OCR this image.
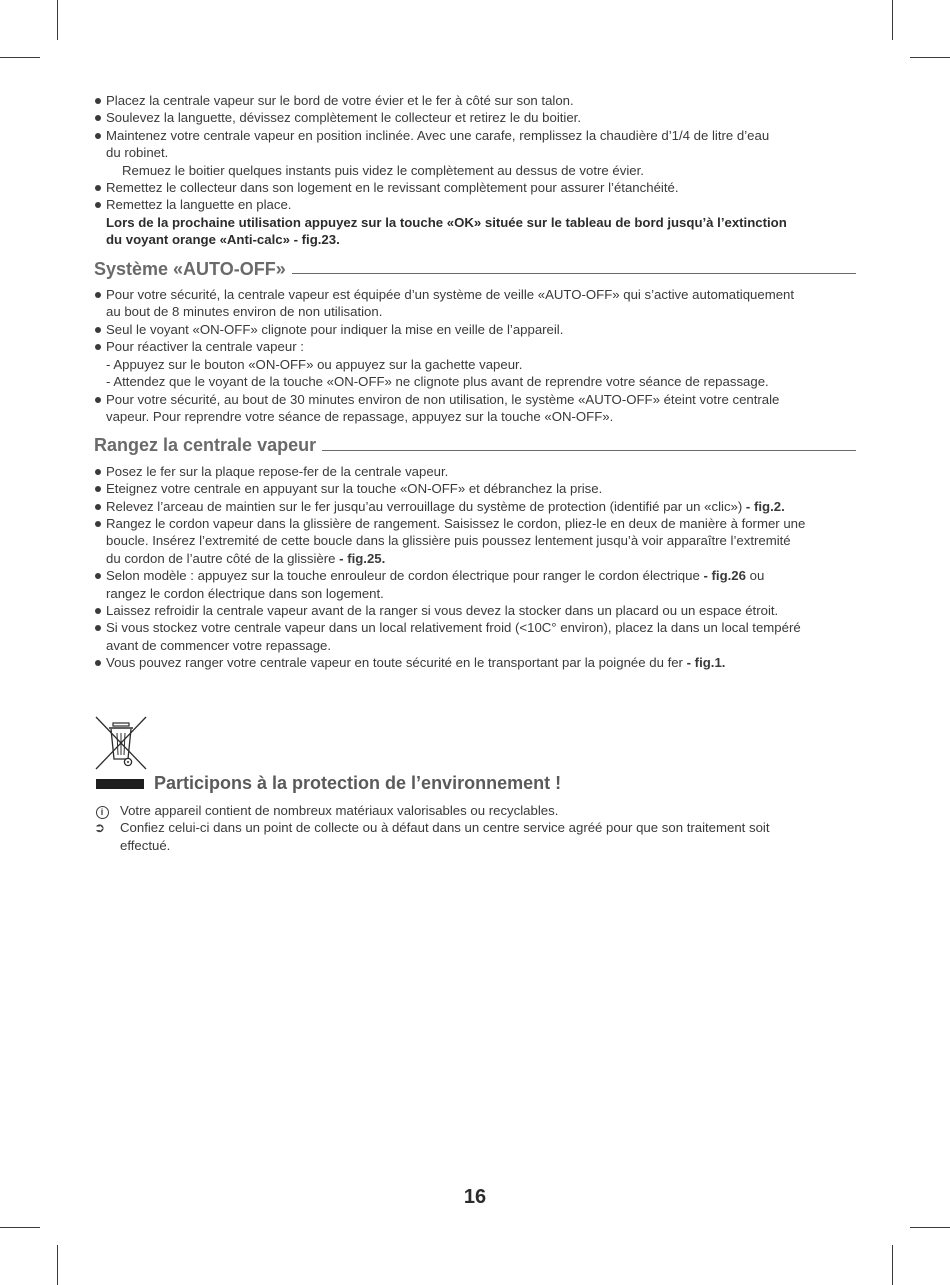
Placez la centrale vapeur sur le bord de votre évier et le fer à côté sur son talon.
Soulevez la languette, dévissez complètement le collecteur et retirez le du boitier.
Maintenez votre centrale vapeur en position inclinée. Avec une carafe, remplissez la chaudière d’1/4 de litre d’eau
du robinet.
Remuez le boitier quelques instants puis videz le complètement au dessus de votre évier.
Remettez le collecteur dans son logement en le revissant complètement pour assurer l’étanchéité.
Remettez la languette en place.
Lors de la prochaine utilisation appuyez sur la touche «OK» située sur le tableau de bord jusqu’à l’extinction
du voyant orange «Anti-calc» - fig.23.
Système «AUTO-OFF»
Pour votre sécurité, la centrale vapeur est équipée d’un système de veille «AUTO-OFF» qui s’active automatiquement
au bout de 8 minutes environ de non utilisation.
Seul le voyant «ON-OFF» clignote pour indiquer la mise en veille de l’appareil.
Pour réactiver la centrale vapeur :
- Appuyez sur le bouton «ON-OFF» ou appuyez sur la gachette vapeur.
- Attendez que le voyant de la touche «ON-OFF» ne clignote plus avant de reprendre votre séance de repassage.
Pour votre sécurité, au bout de 30 minutes environ de non utilisation, le système «AUTO-OFF» éteint votre centrale
vapeur. Pour reprendre votre séance de repassage, appuyez sur la touche «ON-OFF».
Rangez la centrale vapeur
Posez le fer sur la plaque repose-fer de la centrale vapeur.
Eteignez votre centrale en appuyant sur la touche «ON-OFF» et débranchez la prise.
Relevez l’arceau de maintien sur le fer jusqu’au verrouillage du système de protection (identifié par un «clic») - fig.2.
Rangez le cordon vapeur dans la glissière de rangement. Saisissez le cordon, pliez-le en deux de manière à former une
boucle. Insérez l’extremité de cette boucle dans la glissière puis poussez lentement jusqu’à voir apparaître l’extremité
du cordon de l’autre côté de la glissière - fig.25.
Selon modèle : appuyez sur la touche enrouleur de cordon électrique pour ranger le cordon électrique - fig.26 ou
rangez le cordon électrique dans son logement.
Laissez refroidir la centrale vapeur avant de la ranger si vous devez la stocker dans un placard ou un espace étroit.
Si vous stockez votre centrale vapeur dans un local relativement froid (<10C° environ), placez la dans un local tempéré
avant de commencer votre repassage.
Vous pouvez ranger votre centrale vapeur en toute sécurité en le transportant par la poignée du fer - fig.1.
Participons à la protection de l’environnement !
i	Votre appareil contient de nombreux matériaux valorisables ou recyclables.
➲	Confiez celui-ci dans un point de collecte ou à défaut dans un centre service agréé pour que son traitement soit
effectué.
16
